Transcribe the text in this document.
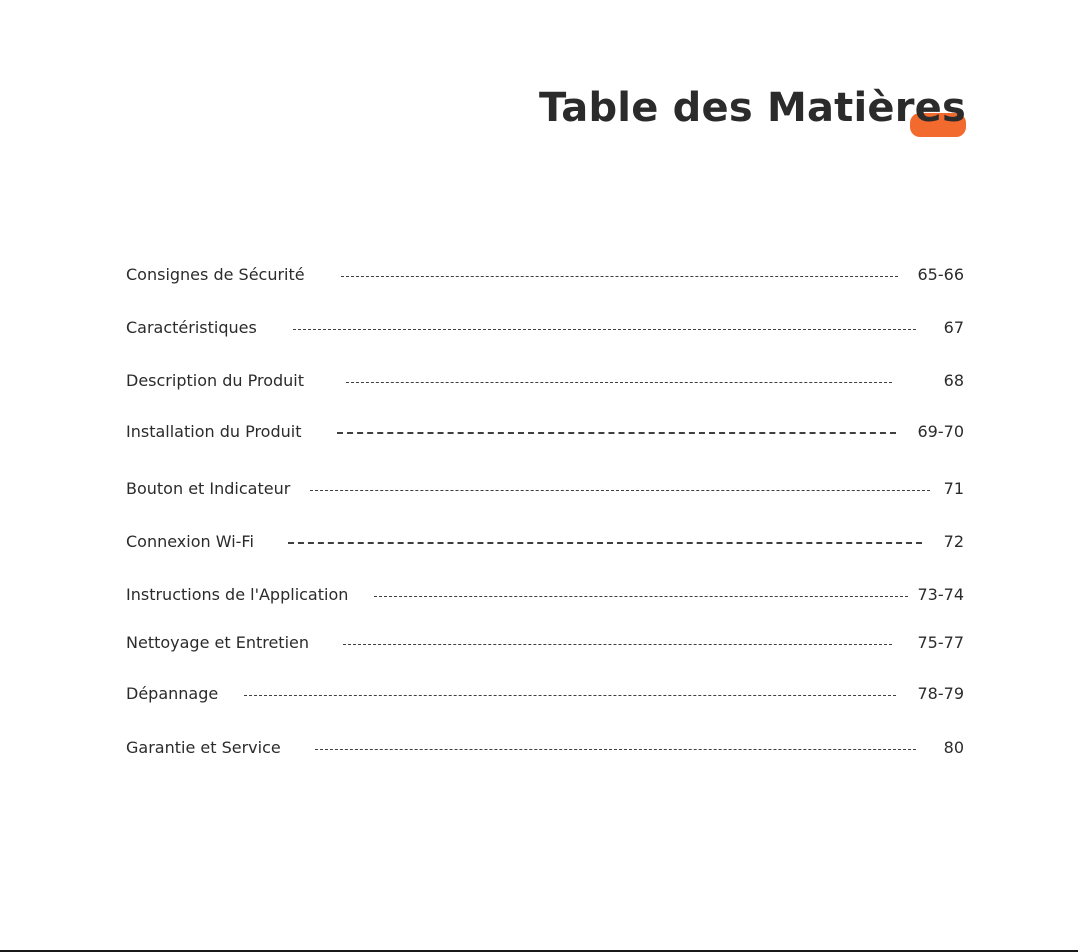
Table des Matières
Consignes de Sécurité	65-66
Caractéristiques	67
Description du Produit	68
Installation du Produit	69-70
Bouton et Indicateur	71
Connexion Wi-Fi	72
Instructions de l'Application	73-74
Nettoyage et Entretien	75-77
Dépannage	78-79
Garantie et Service	80
